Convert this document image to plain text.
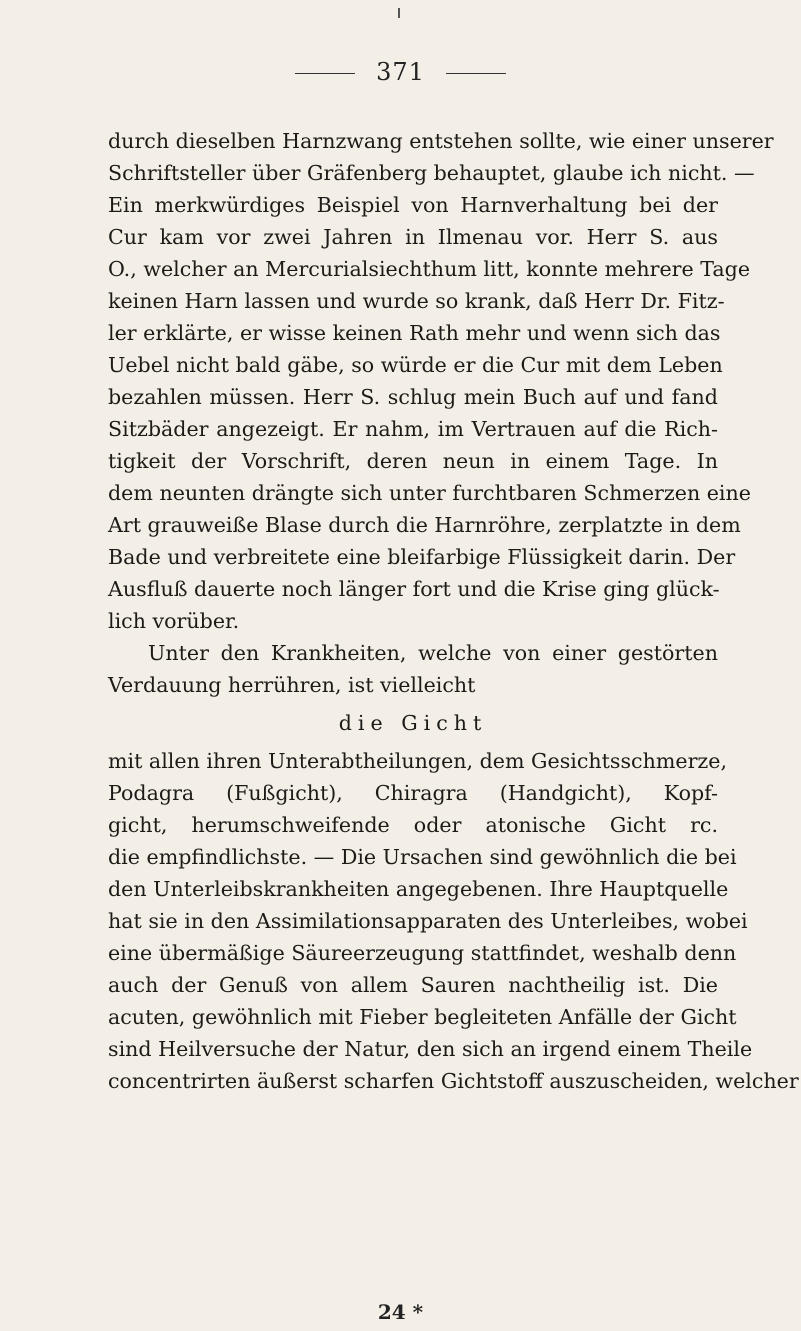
371
durch dieselben Harnzwang entstehen sollte, wie einer unserer
Schriftsteller über Gräfenberg behauptet, glaube ich nicht. —
Ein merkwürdiges Beispiel von Harnverhaltung bei der
Cur kam vor zwei Jahren in Ilmenau vor. Herr S. aus
O., welcher an Mercurialsiechthum litt, konnte mehrere Tage
keinen Harn lassen und wurde so krank, daß Herr Dr. Fitz-
ler erklärte, er wisse keinen Rath mehr und wenn sich das
Uebel nicht bald gäbe, so würde er die Cur mit dem Leben
bezahlen müssen. Herr S. schlug mein Buch auf und fand
Sitzbäder angezeigt. Er nahm, im Vertrauen auf die Rich-
tigkeit der Vorschrift, deren neun in einem Tage. In
dem neunten drängte sich unter furchtbaren Schmerzen eine
Art grauweiße Blase durch die Harnröhre, zerplatzte in dem
Bade und verbreitete eine bleifarbige Flüssigkeit darin. Der
Ausfluß dauerte noch länger fort und die Krise ging glück-
lich vorüber.
Unter den Krankheiten, welche von einer gestörten
Verdauung herrühren, ist vielleicht
die Gicht
mit allen ihren Unterabtheilungen, dem Gesichtsschmerze,
Podagra (Fußgicht), Chiragra (Handgicht), Kopf-
gicht, herumschweifende oder atonische Gicht rc.
die empfindlichste. — Die Ursachen sind gewöhnlich die bei
den Unterleibskrankheiten angegebenen. Ihre Hauptquelle
hat sie in den Assimilationsapparaten des Unterleibes, wobei
eine übermäßige Säureerzeugung stattfindet, weshalb denn
auch der Genuß von allem Sauren nachtheilig ist. Die
acuten, gewöhnlich mit Fieber begleiteten Anfälle der Gicht
sind Heilversuche der Natur, den sich an irgend einem Theile
concentrirten äußerst scharfen Gichtstoff auszuscheiden, welcher
24 *
